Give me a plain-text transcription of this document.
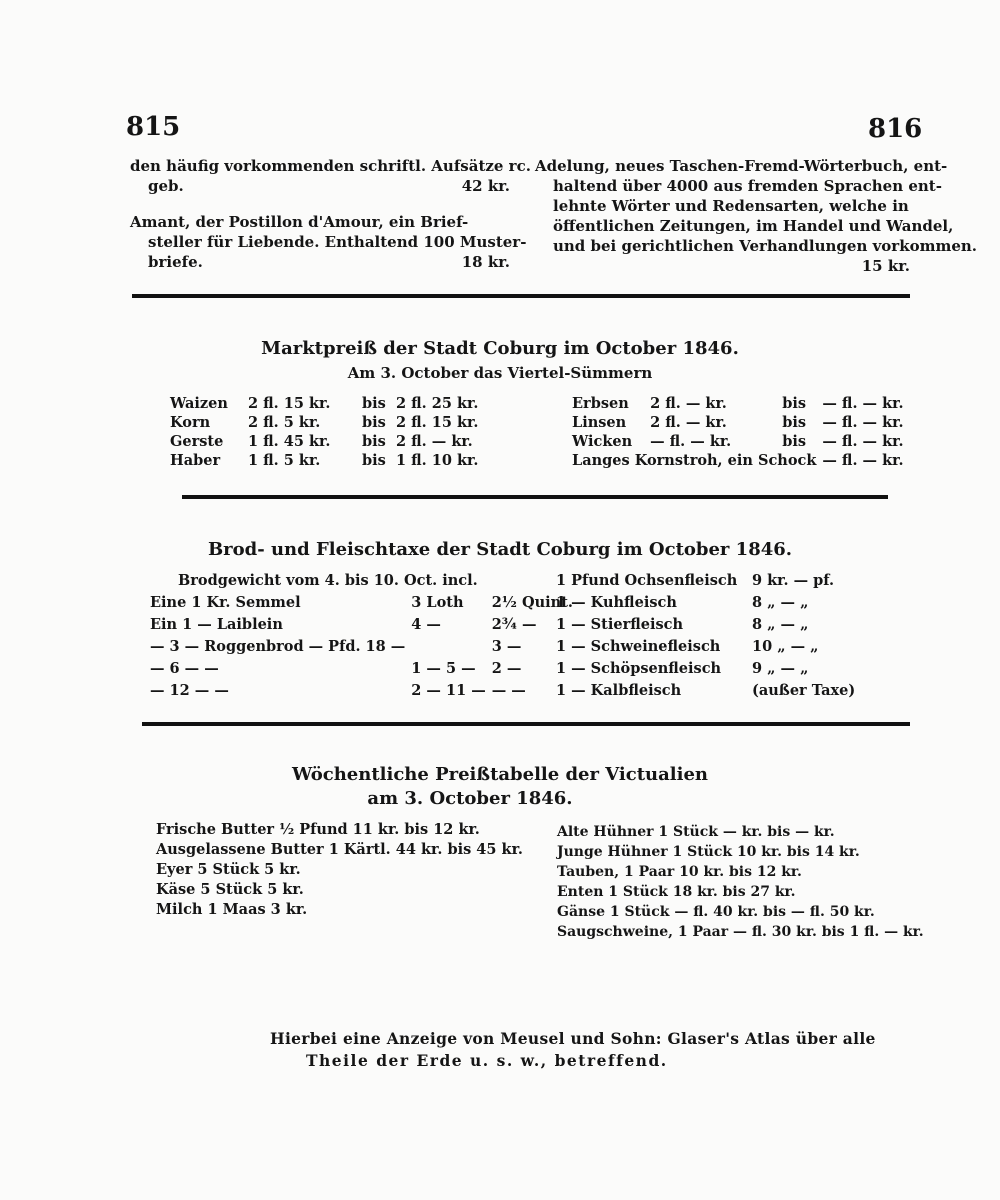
815	816
den häufig vorkommenden schriftl. Aufsätze rc.
geb.	42 kr.
Amant, der Postillon d'Amour, ein Brief-
steller für Liebende. Enthaltend 100 Muster-
briefe.	18 kr.
Adelung, neues Taschen-Fremd-Wörterbuch, ent-
haltend über 4000 aus fremden Sprachen ent-
lehnte Wörter und Redensarten, welche in
öffentlichen Zeitungen, im Handel und Wandel,
und bei gerichtlichen Verhandlungen vorkommen.
15 kr.
Marktpreiß der Stadt Coburg im October 1846.
Am 3. October das Viertel-Sümmern
Waizen	2 fl. 15 kr.	bis	2 fl. 25 kr.
Korn	2 fl. 5 kr.	bis	2 fl. 15 kr.
Gerste	1 fl. 45 kr.	bis	2 fl. — kr.
Haber	1 fl. 5 kr.	bis	1 fl. 10 kr.
Erbsen	2 fl. — kr.	bis	— fl. — kr.
Linsen	2 fl. — kr.	bis	— fl. — kr.
Wicken	— fl. — kr.	bis	— fl. — kr.
Langes Kornstroh, ein Schock			— fl. — kr.
Brod- und Fleischtaxe der Stadt Coburg im October 1846.
Brodgewicht vom 4. bis 10. Oct. incl.
Eine 1 Kr. Semmel	3 Loth	2½ Quint.
Ein 1 — Laiblein	4 —	2¾ —
— 3 — Roggenbrod — Pfd. 18 —		3 —
— 6 — —	1 — 5 —	2 —
— 12 — —	2 — 11 —	— —
1 Pfund Ochsenfleisch	9 kr. — pf.
1 — Kuhfleisch	8 „ — „
1 — Stierfleisch	8 „ — „
1 — Schweinefleisch	10 „ — „
1 — Schöpsenfleisch	9 „ — „
1 — Kalbfleisch	(außer Taxe)
Wöchentliche Preißtabelle der Victualien
am 3. October 1846.
Frische Butter ½ Pfund 11 kr. bis 12 kr.
Ausgelassene Butter 1 Kärtl. 44 kr. bis 45 kr.
Eyer 5 Stück 5 kr.
Käse 5 Stück 5 kr.
Milch 1 Maas 3 kr.
Alte Hühner 1 Stück — kr. bis — kr.
Junge Hühner 1 Stück 10 kr. bis 14 kr.
Tauben, 1 Paar 10 kr. bis 12 kr.
Enten 1 Stück 18 kr. bis 27 kr.
Gänse 1 Stück — fl. 40 kr. bis — fl. 50 kr.
Saugschweine, 1 Paar — fl. 30 kr. bis 1 fl. — kr.
Hierbei eine Anzeige von Meusel und Sohn: Glaser's Atlas über alle
Theile der Erde u. s. w., betreffend.
